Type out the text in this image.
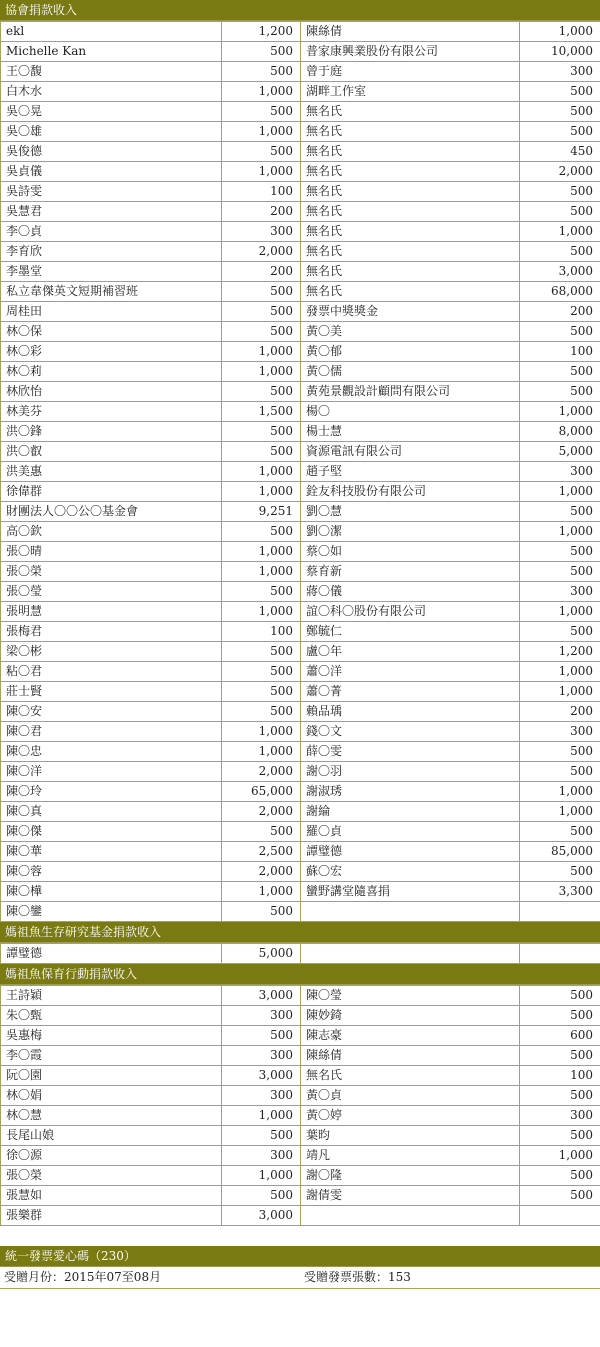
協會捐款收入
ekl	1,200	陳絲倩	1,000
Michelle Kan	500	普家康興業股份有限公司	10,000
王〇馥	500	曾于庭	300
白木水	1,000	湖畔工作室	500
吳〇晃	500	無名氏	500
吳〇雄	1,000	無名氏	500
吳俊德	500	無名氏	450
吳貞儀	1,000	無名氏	2,000
吳詩雯	100	無名氏	500
吳慧君	200	無名氏	500
李〇貞	300	無名氏	1,000
李育欣	2,000	無名氏	500
李墨堂	200	無名氏	3,000
私立韋傑英文短期補習班	500	無名氏	68,000
周桂田	500	發票中獎獎金	200
林〇保	500	黃〇美	500
林〇彩	1,000	黃〇郁	100
林〇莉	1,000	黃〇儒	500
林欣怡	500	黃苑景觀設計顧問有限公司	500
林美芬	1,500	楊〇	1,000
洪〇鋒	500	楊士慧	8,000
洪〇叡	500	資源電訊有限公司	5,000
洪美惠	1,000	趙子堅	300
徐偉群	1,000	銓友科技股份有限公司	1,000
財團法人〇〇公〇基金會	9,251	劉〇慧	500
高〇欽	500	劉〇潔	1,000
張〇晴	1,000	蔡〇如	500
張〇榮	1,000	蔡育新	500
張〇瑩	500	蔣〇儀	300
張明慧	1,000	誼〇科〇股份有限公司	1,000
張梅君	100	鄭毓仁	500
梁〇彬	500	盧〇年	1,200
粘〇君	500	蕭〇洋	1,000
莊士賢	500	蕭〇菁	1,000
陳〇安	500	賴品瑀	200
陳〇君	1,000	錢〇文	300
陳〇忠	1,000	薛〇雯	500
陳〇洋	2,000	謝〇羽	500
陳〇玲	65,000	謝淑琇	1,000
陳〇真	2,000	謝綸	1,000
陳〇傑	500	羅〇貞	500
陳〇華	2,500	譚璧德	85,000
陳〇蓉	2,000	蘇〇宏	500
陳〇樺	1,000	蠻野講堂隨喜捐	3,300
陳〇鑾	500		
媽祖魚生存研究基金捐款收入
譚璧德	5,000		
媽祖魚保育行動捐款收入
王詩穎	3,000	陳〇瑩	500
朱〇甄	300	陳妙錡	500
吳惠梅	500	陳志豪	600
李〇霞	300	陳絲倩	500
阮〇園	3,000	無名氏	100
林〇娟	300	黃〇貞	500
林〇慧	1,000	黃〇婷	300
長尾山娘	500	葉昀	500
徐〇源	300	靖凡	1,000
張〇榮	1,000	謝〇隆	500
張慧如	500	謝倩雯	500
張樂群	3,000		
統一發票愛心碼（230）
受贈月份：2015年07至08月	受贈發票張數：153
